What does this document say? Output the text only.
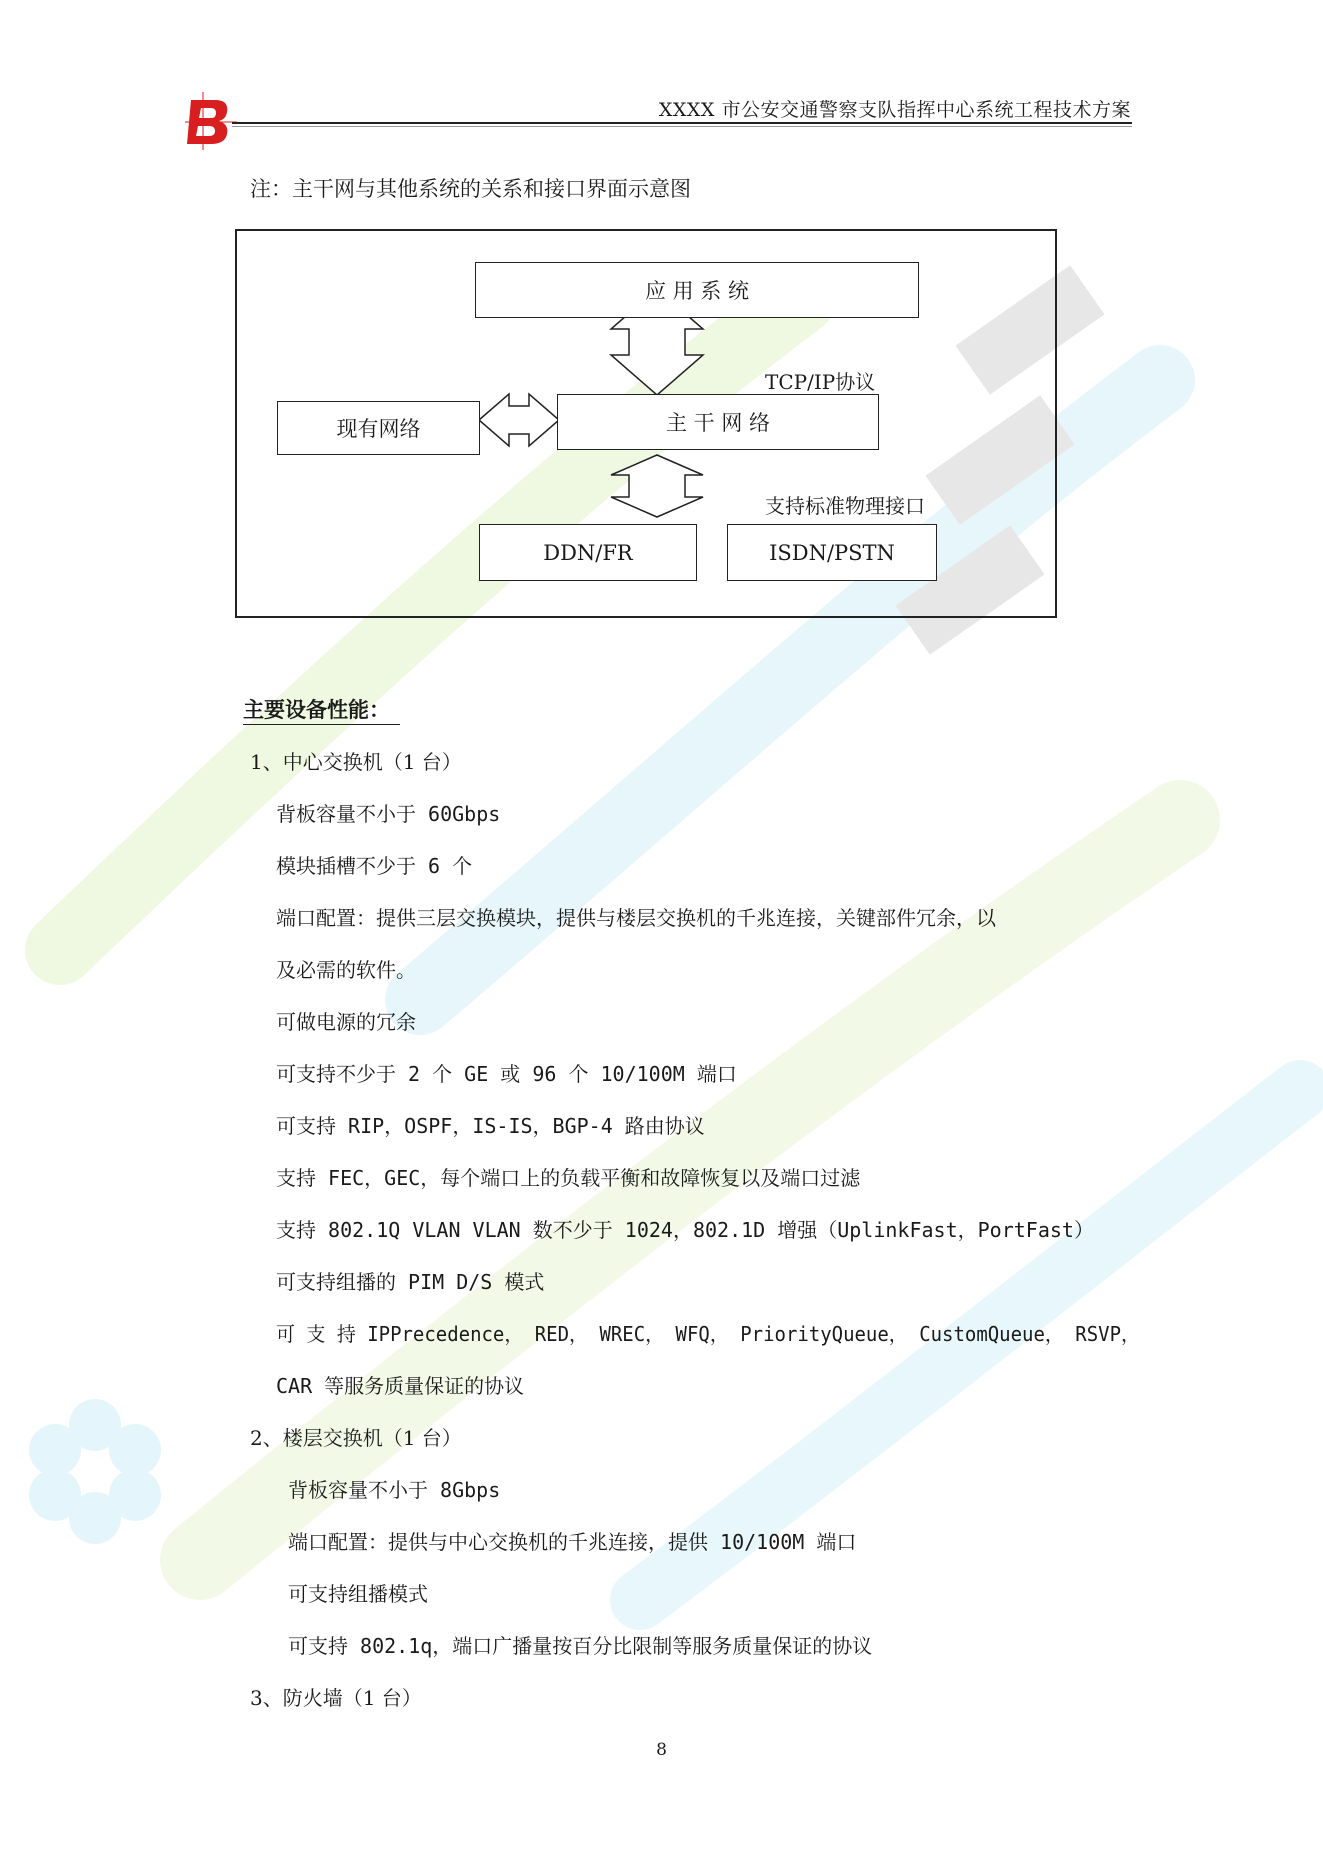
XXXX 市公安交通警察支队指挥中心系统工程技术方案
注：主干网与其他系统的关系和接口界面示意图
应 用 系 统
现有网络	主 干 网 络
DDN/FR	ISDN/PSTN
TCP/IP协议
支持标准物理接口
主要设备性能：
1、中心交换机（1 台）
背板容量不小于 60Gbps
模块插槽不少于 6 个
端口配置：提供三层交换模块，提供与楼层交换机的千兆连接，关键部件冗余，以
及必需的软件。
可做电源的冗余
可支持不少于 2 个 GE 或 96 个 10/100M 端口
可支持 RIP，OSPF，IS-IS，BGP-4 路由协议
支持 FEC，GEC，每个端口上的负载平衡和故障恢复以及端口过滤
支持 802.1Q VLAN VLAN 数不少于 1024，802.1D 增强（UplinkFast，PortFast）
可支持组播的 PIM D/S 模式
可 支 持 IPPrecedence， RED， WREC， WFQ， PriorityQueue， CustomQueue， RSVP，
CAR 等服务质量保证的协议
2、楼层交换机（1 台）
背板容量不小于 8Gbps
端口配置：提供与中心交换机的千兆连接，提供 10/100M 端口
可支持组播模式
可支持 802.1q，端口广播量按百分比限制等服务质量保证的协议
3、防火墙（1 台）
8
